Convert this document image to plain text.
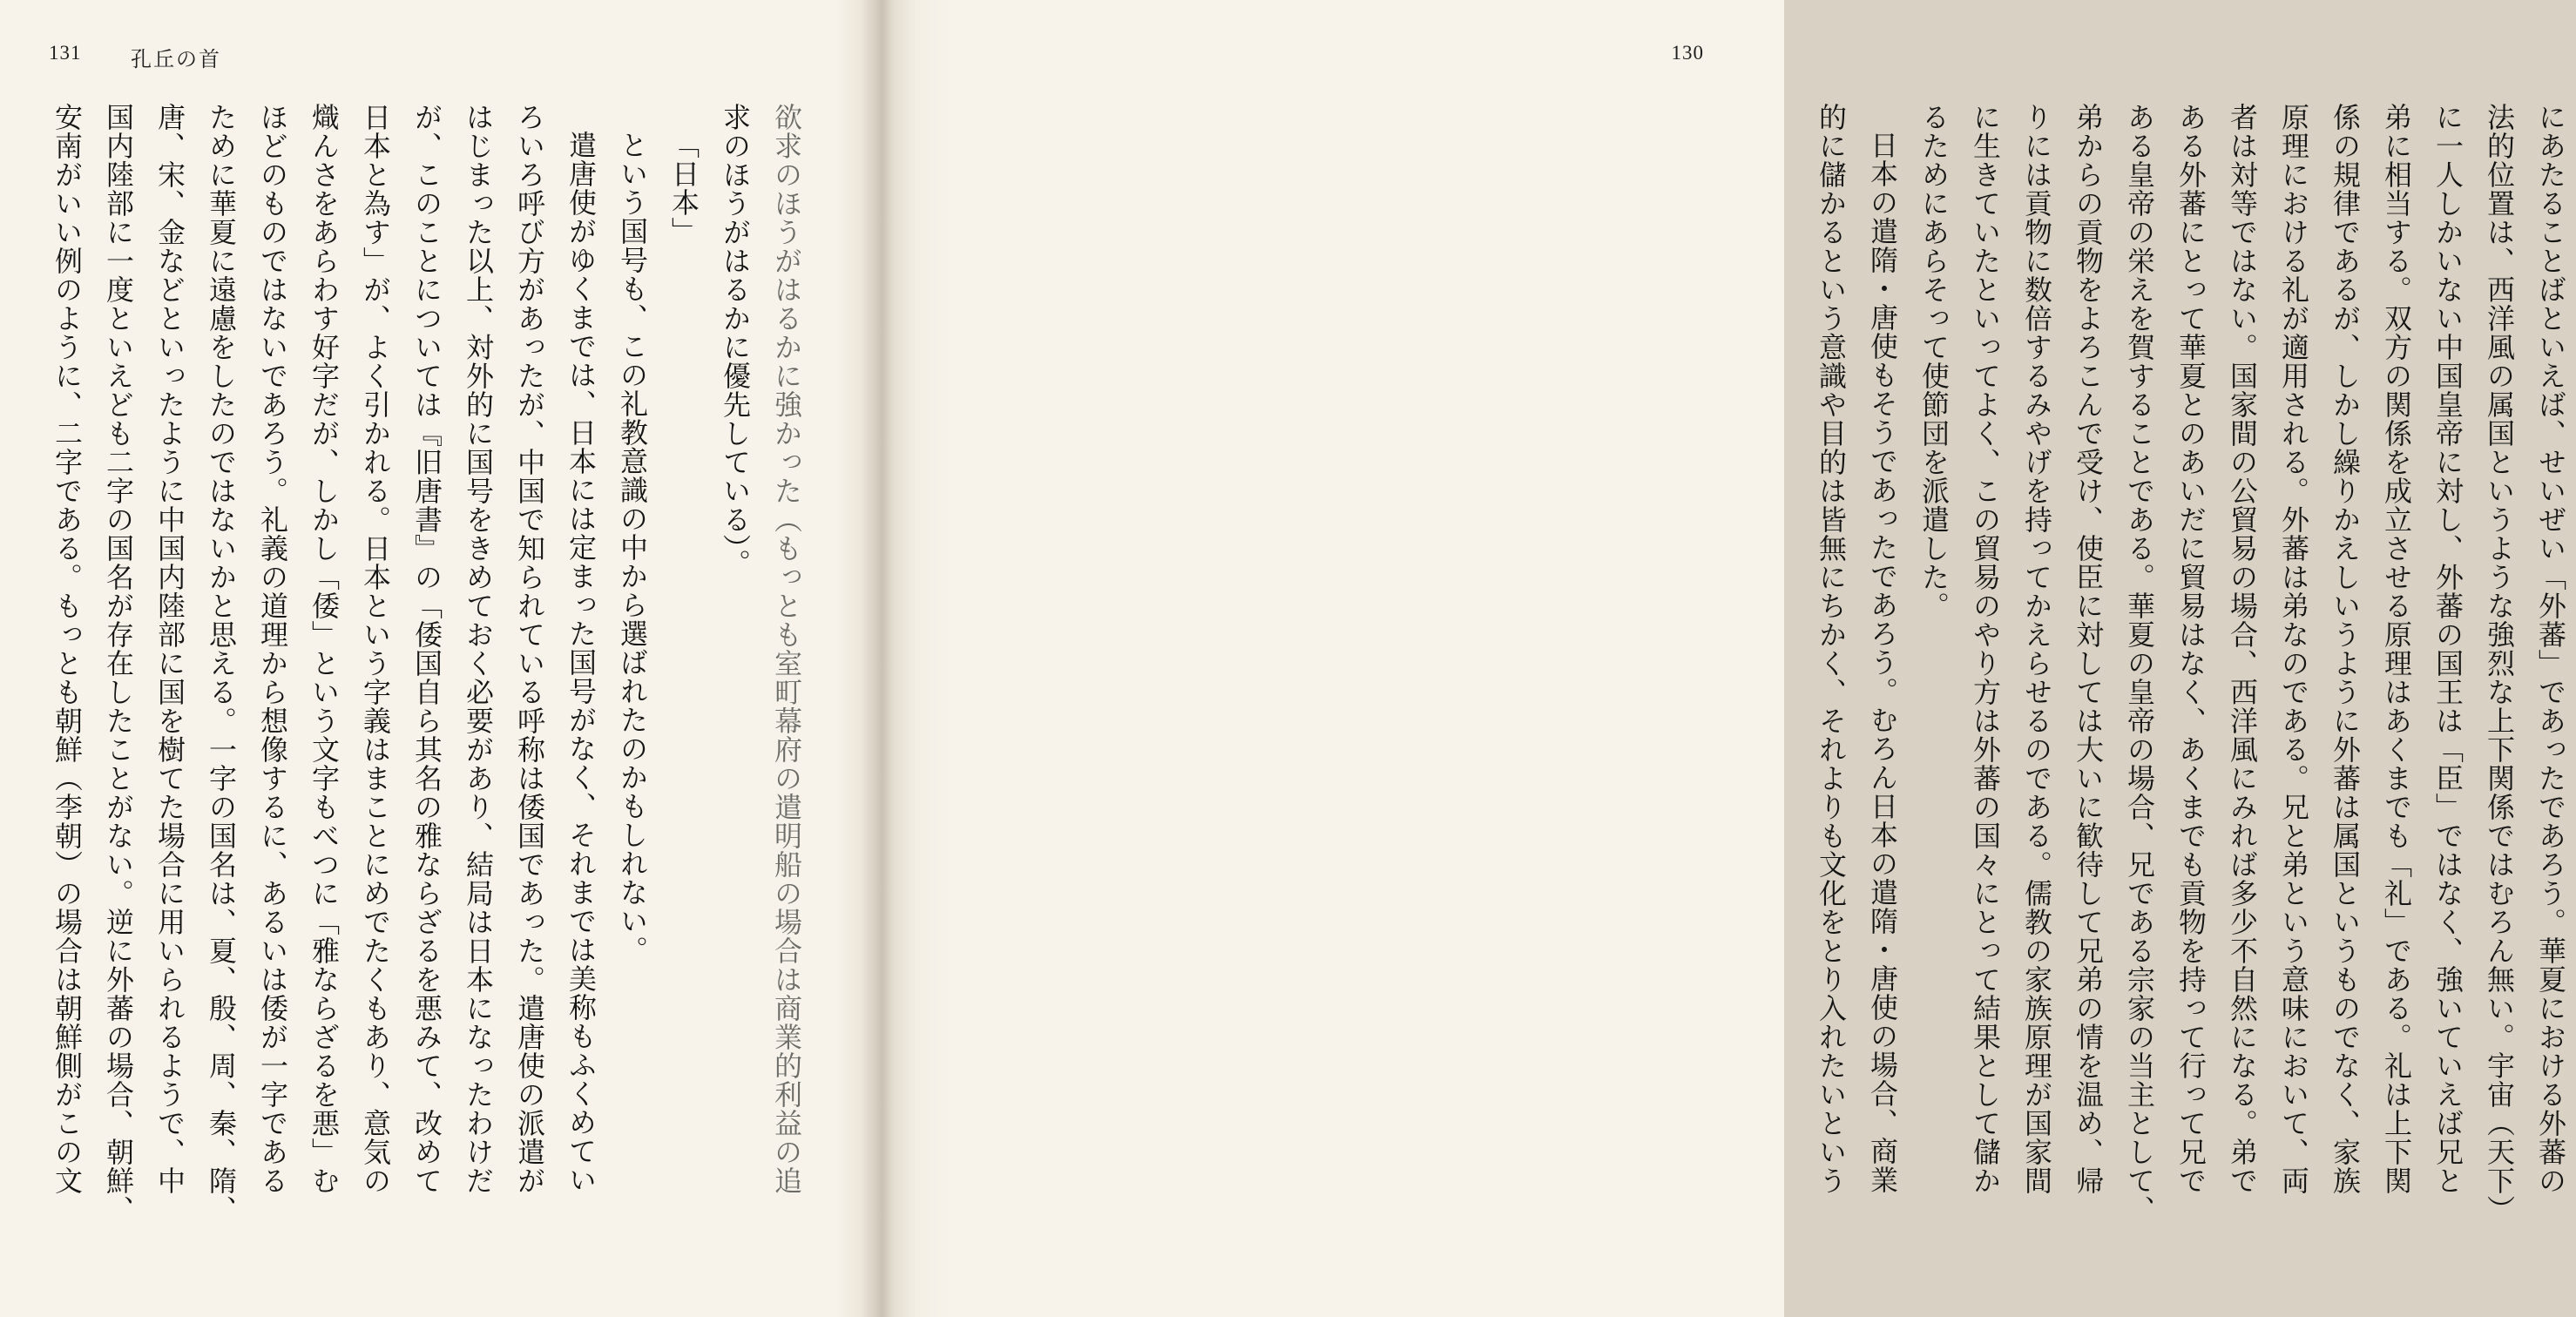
131 孔丘の首
欲求のほうがはるかに強かった（もっとも室町幕府の遣明船の場合は商業的利益の追
求のほうがはるかに優先している）。
「日本」
という国号も、この礼教意識の中から選ばれたのかもしれない。
遣唐使がゆくまでは、日本には定まった国号がなく、それまでは美称もふくめてい
ろいろ呼び方があったが、中国で知られている呼称は倭国であった。遣唐使の派遣が
はじまった以上、対外的に国号をきめておく必要があり、結局は日本になったわけだ
が、このことについては『旧唐書』の「倭国自ら其名の雅ならざるを悪みて、改めて
日本と為す」が、よく引かれる。日本という字義はまことにめでたくもあり、意気の
熾んさをあらわす好字だが、しかし「倭」という文字もべつに「雅ならざるを悪」む
ほどのものではないであろう。礼義の道理から想像するに、あるいは倭が一字である
ために華夏に遠慮をしたのではないかと思える。一字の国名は、夏、殷、周、秦、隋、
唐、宋、金などといったように中国内陸部に国を樹てた場合に用いられるようで、中
国内陸部に一度といえども二字の国名が存在したことがない。逆に外蕃の場合、朝鮮、
安南がいい例のように、二字である。もっとも朝鮮（李朝）の場合は朝鮮側がこの文
130
にあたることばといえば、せいぜい「外蕃」であったであろう。華夏における外蕃の
法的位置は、西洋風の属国というような強烈な上下関係ではむろん無い。宇宙（天下）
に一人しかいない中国皇帝に対し、外蕃の国王は「臣」ではなく、強いていえば兄と
弟に相当する。双方の関係を成立させる原理はあくまでも「礼」である。礼は上下関
係の規律であるが、しかし繰りかえしいうように外蕃は属国というものでなく、家族
原理における礼が適用される。外蕃は弟なのである。兄と弟という意味において、両
者は対等ではない。国家間の公貿易の場合、西洋風にみれば多少不自然になる。弟で
ある外蕃にとって華夏とのあいだに貿易はなく、あくまでも貢物を持って行って兄で
ある皇帝の栄えを賀することである。華夏の皇帝の場合、兄である宗家の当主として、
弟からの貢物をよろこんで受け、使臣に対しては大いに歓待して兄弟の情を温め、帰
りには貢物に数倍するみやげを持ってかえらせるのである。儒教の家族原理が国家間
に生きていたといってよく、この貿易のやり方は外蕃の国々にとって結果として儲か
るためにあらそって使節団を派遣した。
日本の遣隋・唐使もそうであったであろう。むろん日本の遣隋・唐使の場合、商業
的に儲かるという意識や目的は皆無にちかく、それよりも文化をとり入れたいという
